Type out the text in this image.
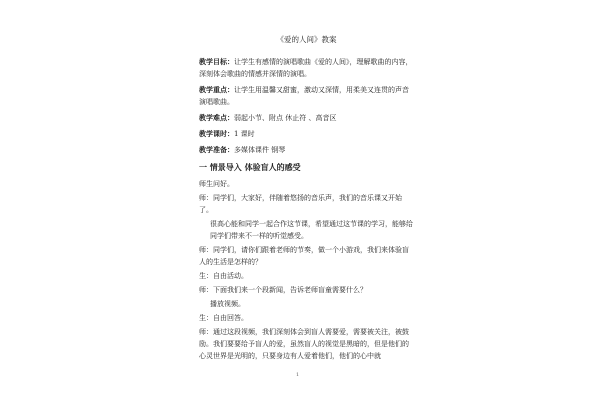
《爱的人间》教案

教学目标：让学生有感情的演唱歌曲《爱的人间》，理解歌曲的内容，深刻体会歌曲的情感并深情的演唱。

教学重点：让学生用温馨又甜蜜，激动又深情，用柔美又连贯的声音演唱歌曲。

教学难点：弱起小节、附点 休止符 、高音区

教学课时：1 课时

教学准备：多媒体课件 钢琴

一 情景导入 体验盲人的感受

师生问好。

师：同学们，大家好，伴随着悠扬的音乐声，我们的音乐课又开始了。

很高心能和同学一起合作这节课，希望通过这节课的学习，能够给同学们带来不一样的听觉感受。

师：同学们，请你们跟着老师的节奏，做一个小游戏，我们来体验盲人的生活是怎样的？

生：自由活动。

师：下面我们来一个段新闻，告诉老师盲童需要什么？

播放视频。

生：自由回答。

师：通过这段视频，我们深刻体会到盲人需要爱，需要被关注，被鼓励。我们要要给予盲人的爱，虽然盲人的视觉是黑暗的，但是他们的心灵世界是光明的，只要身边有人爱着他们，他们的心中就

1
